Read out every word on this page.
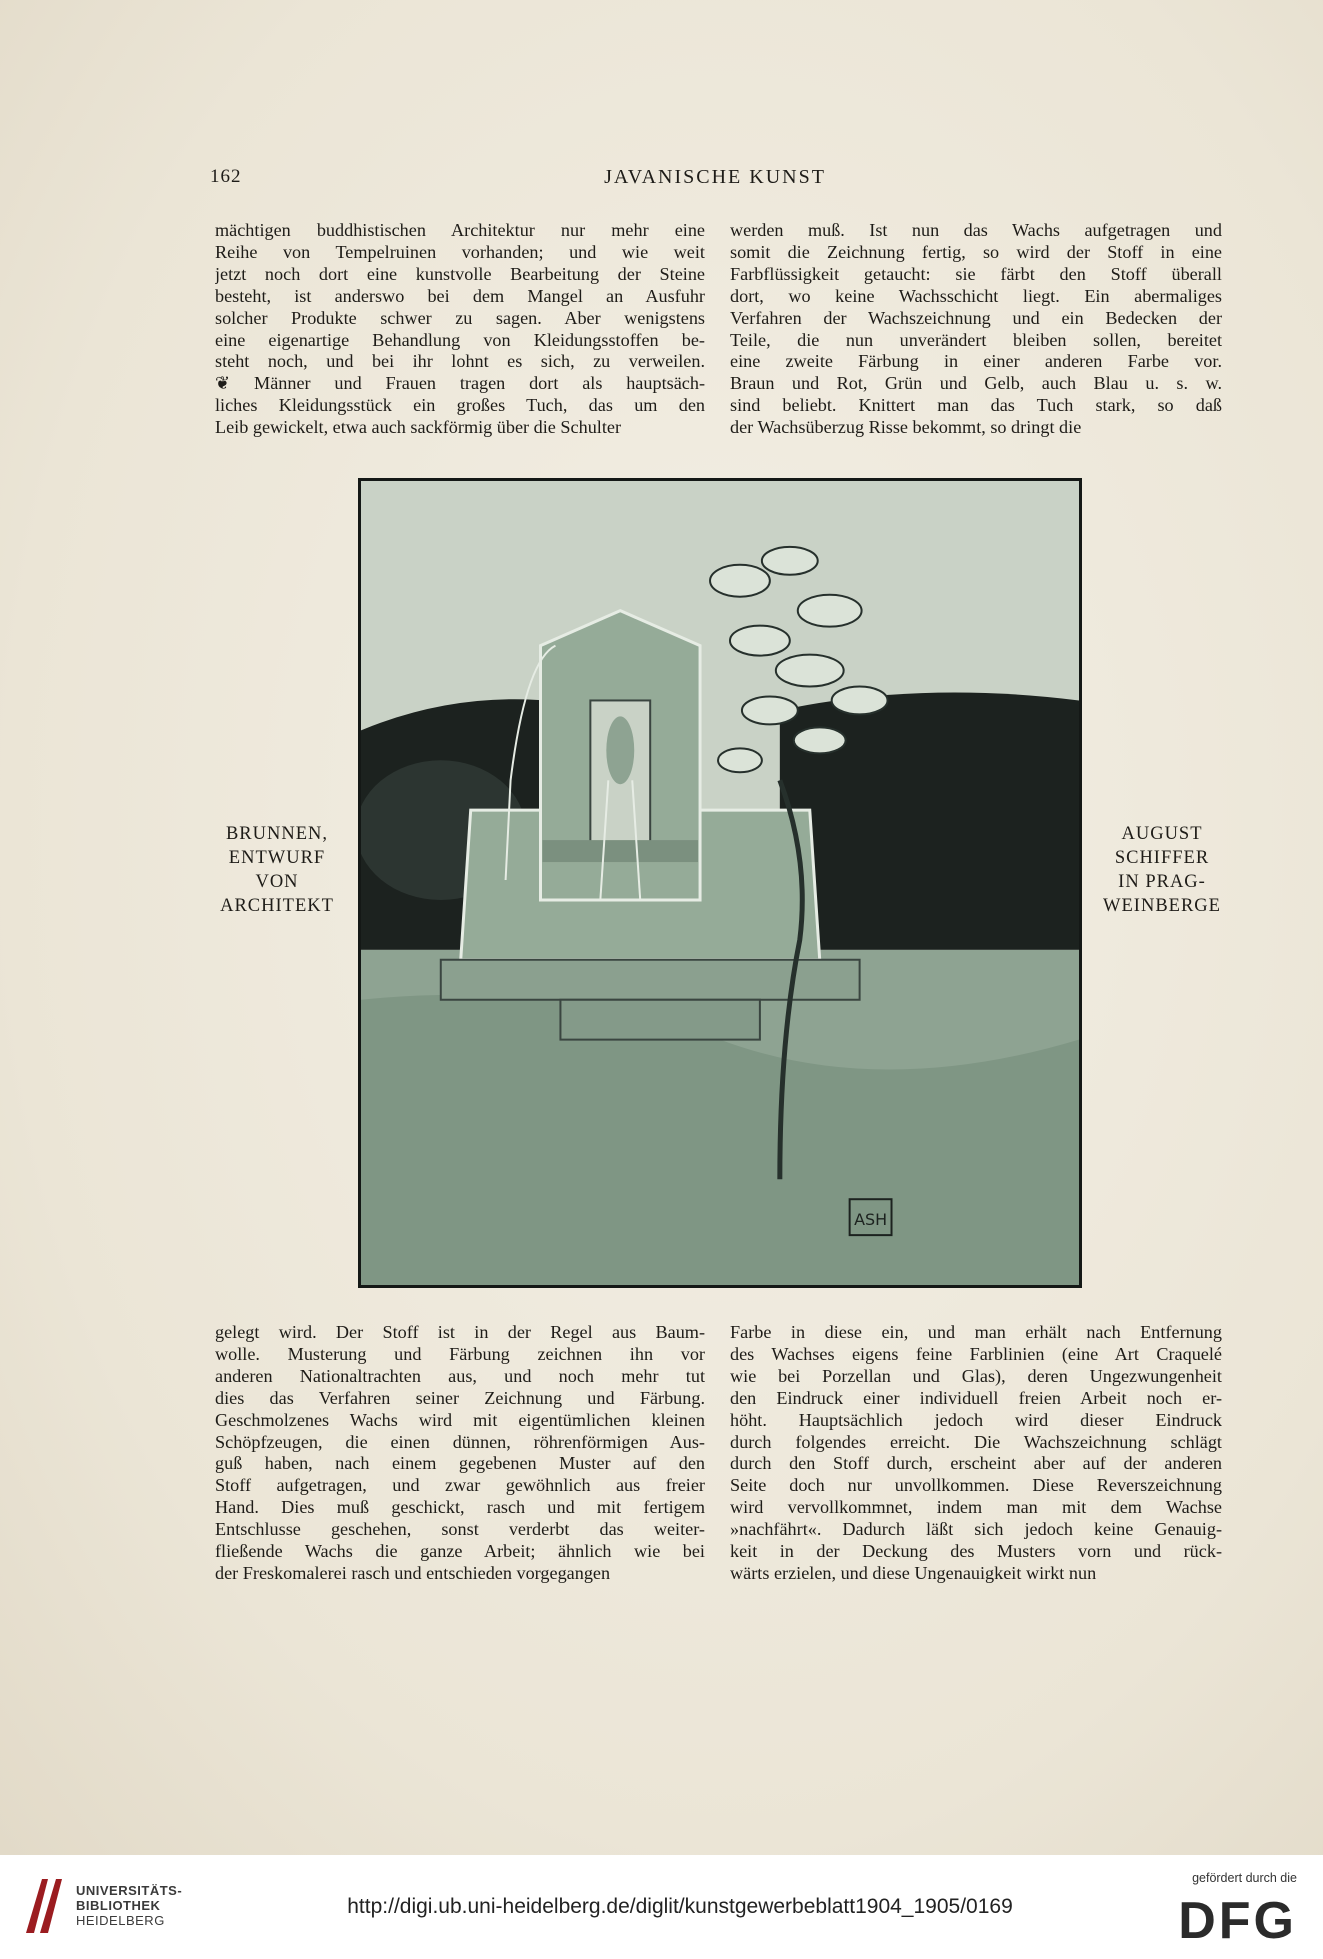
162	JAVANISCHE KUNST
mächtigen buddhistischen Architektur nur mehr eine
Reihe von Tempelruinen vorhanden; und wie weit
jetzt noch dort eine kunstvolle Bearbeitung der Steine
besteht, ist anderswo bei dem Mangel an Ausfuhr
solcher Produkte schwer zu sagen. Aber wenigstens
eine eigenartige Behandlung von Kleidungsstoffen be-
steht noch, und bei ihr lohnt es sich, zu verweilen.
❦ Männer und Frauen tragen dort als hauptsäch-
liches Kleidungsstück ein großes Tuch, das um den
Leib gewickelt, etwa auch sackförmig über die Schulter
werden muß. Ist nun das Wachs aufgetragen und
somit die Zeichnung fertig, so wird der Stoff in eine
Farbflüssigkeit getaucht: sie färbt den Stoff überall
dort, wo keine Wachsschicht liegt. Ein abermaliges
Verfahren der Wachszeichnung und ein Bedecken der
Teile, die nun unverändert bleiben sollen, bereitet
eine zweite Färbung in einer anderen Farbe vor.
Braun und Rot, Grün und Gelb, auch Blau u. s. w.
sind beliebt. Knittert man das Tuch stark, so daß
der Wachsüberzug Risse bekommt, so dringt die
BRUNNEN,
ENTWURF
VON
ARCHITEKT
AUGUST
SCHIFFER
IN PRAG-
WEINBERGE
ASH
gelegt wird. Der Stoff ist in der Regel aus Baum-
wolle. Musterung und Färbung zeichnen ihn vor
anderen Nationaltrachten aus, und noch mehr tut
dies das Verfahren seiner Zeichnung und Färbung.
Geschmolzenes Wachs wird mit eigentümlichen kleinen
Schöpfzeugen, die einen dünnen, röhrenförmigen Aus-
guß haben, nach einem gegebenen Muster auf den
Stoff aufgetragen, und zwar gewöhnlich aus freier
Hand. Dies muß geschickt, rasch und mit fertigem
Entschlusse geschehen, sonst verderbt das weiter-
fließende Wachs die ganze Arbeit; ähnlich wie bei
der Freskomalerei rasch und entschieden vorgegangen
Farbe in diese ein, und man erhält nach Entfernung
des Wachses eigens feine Farblinien (eine Art Craquelé
wie bei Porzellan und Glas), deren Ungezwungenheit
den Eindruck einer individuell freien Arbeit noch er-
höht. Hauptsächlich jedoch wird dieser Eindruck
durch folgendes erreicht. Die Wachszeichnung schlägt
durch den Stoff durch, erscheint aber auf der anderen
Seite doch nur unvollkommen. Diese Reverszeichnung
wird vervollkommnet, indem man mit dem Wachse
»nachfährt«. Dadurch läßt sich jedoch keine Genauig-
keit in der Deckung des Musters vorn und rück-
wärts erzielen, und diese Ungenauigkeit wirkt nun
UNIVERSITÄTS-
BIBLIOTHEK
HEIDELBERG
http://digi.ub.uni-heidelberg.de/diglit/kunstgewerbeblatt1904_1905/0169
gefördert durch die
DFG
